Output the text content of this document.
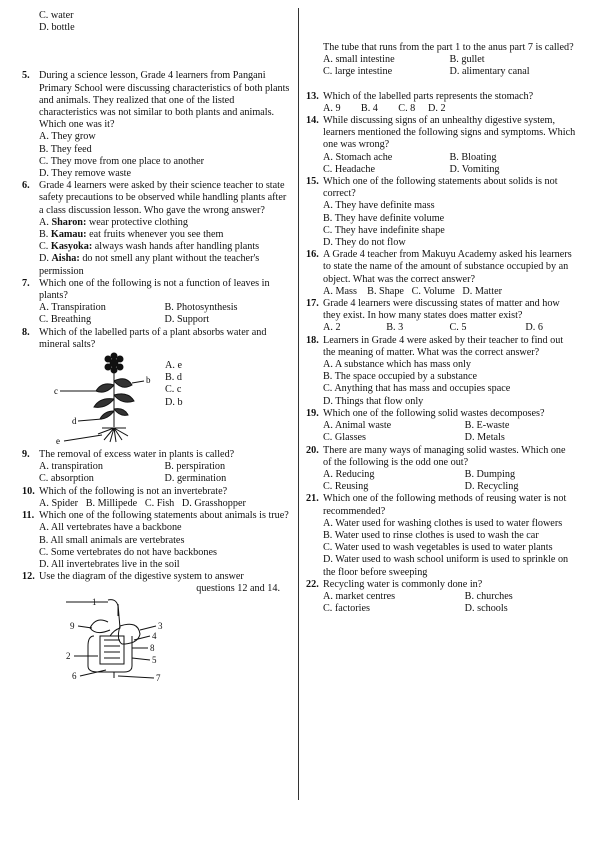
C. water
D. bottle
5. During a science lesson, Grade 4 learners from Pangani Primary School were discussing characteristics of both plants and animals. They realized that one of the listed characteristics was not similar to both plants and animals. Which one was it?
A. They grow
B. They feed
C. They move from one place to another
D. They remove waste
6. Grade 4 learners were asked by their science teacher to state safety precautions to be observed while handling plants after a class discussion lesson. Who gave the wrong answer?
A. Sharon: wear protective clothing
B. Kamau: eat fruits whenever you see them
C. Kasyoka: always wash hands after handling plants
D. Aisha: do not smell any plant without the teacher's permission
7. Which one of the following is not a function of leaves in plants?
A. Transpiration	B. Photosynthesis
C. Breathing	D. Support
8. Which of the labelled parts of a plant absorbs water and mineral salts?
c
b
d
e
A. e
B. d
C. c
D. b
9. The removal of excess water in plants is called?
A. transpiration	B. perspiration
C. absorption	D. germination
10. Which of the following is not an invertebrate?
A. Spider   B. Millipede   C. Fish   D. Grasshopper
11. Which one of the following statements about animals is true?
A. All vertebrates have a backbone
B. All small animals are vertebrates
C. Some vertebrates do not have backbones
D. All invertebrates live in the soil
12. Use the diagram of the digestive system to answer
questions 12 and 14.
1
9	3
4
8
2	5
6	7
The tube that runs from the part 1 to the anus part 7 is called?
A. small intestine	B. gullet
C. large intestine	D. alimentary canal
13. Which of the labelled parts represents the stomach?
A. 9        B. 4        C. 8     D. 2
14. While discussing signs of an unhealthy digestive system, learners mentioned the following signs and symptoms. Which one was wrong?
A. Stomach ache	B. Bloating
C. Headache	D. Vomiting
15. Which one of the following statements about solids is not correct?
A. They have definite mass
B. They have definite volume
C. They have indefinite shape
D. They do not flow
16. A Grade 4 teacher from Makuyu Academy asked his learners to state the name of the amount of substance occupied by an object. What was the correct answer?
A. Mass    B. Shape   C. Volume   D. Matter
17. Grade 4 learners were discussing states of matter and how they exist. In how many states does matter exist?
A. 2	B. 3	C. 5	D. 6
18. Learners in Grade 4 were asked by their teacher to find out the meaning of matter. What was the correct answer?
A. A substance which has mass only
B. The space occupied by a substance
C. Anything that has mass and occupies space
D. Things that flow only
19. Which one of the following solid wastes decomposes?
A. Animal waste	B. E-waste
C. Glasses	D. Metals
20. There are many ways of managing solid wastes. Which one of the following is the odd one out?
A. Reducing	B. Dumping
C. Reusing	D. Recycling
21. Which one of the following methods of reusing water is not recommended?
A. Water used for washing clothes is used to water flowers
B. Water used to rinse clothes is used to wash the car
C. Water used to wash vegetables is used to water plants
D. Water used to wash school uniform is used to sprinkle on the floor before sweeping
22. Recycling water is commonly done in?
A. market centres	B. churches
C. factories	D. schools
